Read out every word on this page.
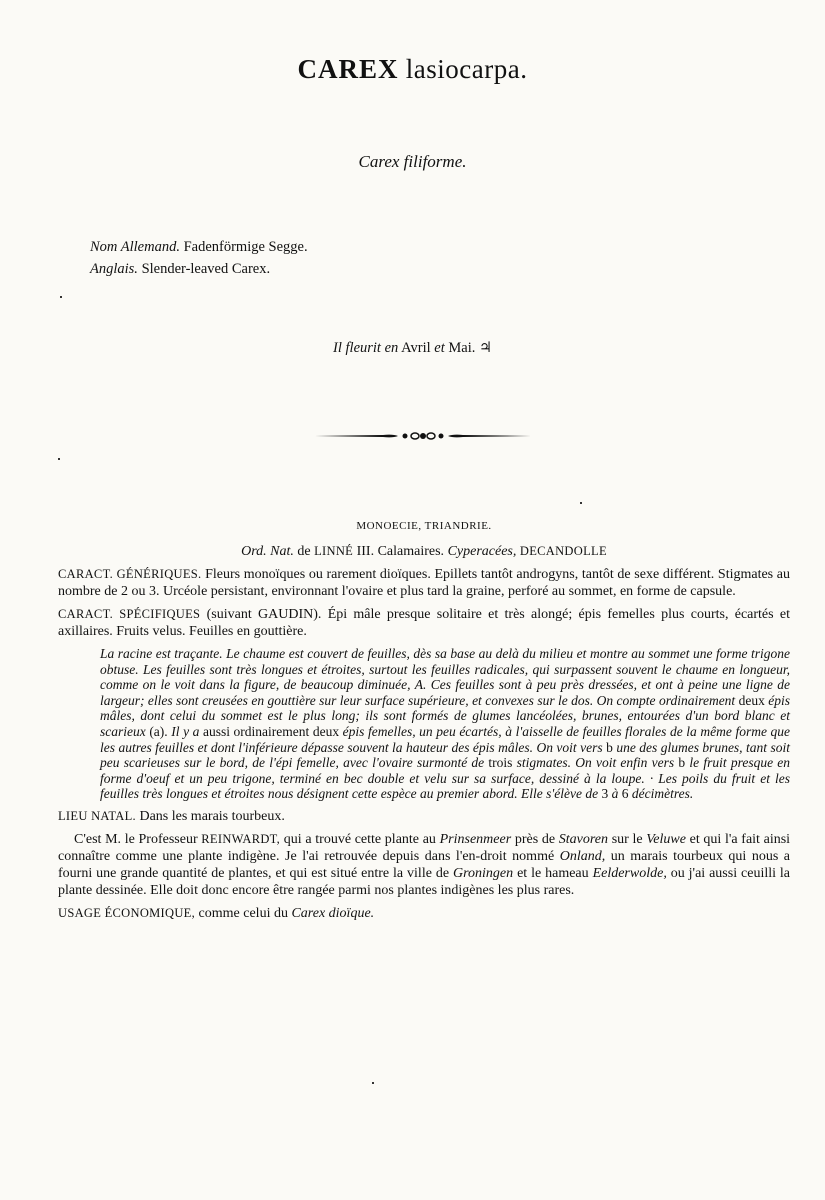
CAREX lasiocarpa.
Carex filiforme.
Nom Allemand. Fadenförmige Segge.
Anglais. Slender-leaved Carex.
Il fleurit en Avril et Mai. ♃
MONOECIE, TRIANDRIE.
Ord. Nat. de LINNÉ III. Calamaires. Cyperacées, DECANDOLLE

CARACT. GÉNÉRIQUES. Fleurs monoïques ou rarement dioïques. Epillets tantôt androgyns, tantôt de sexe différent. Stigmates au nombre de 2 ou 3. Urcéole persistant, environnant l'ovaire et plus tard la graine, perforé au sommet, en forme de capsule.

CARACT. SPÉCIFIQUES (suivant GAUDIN). Épi mâle presque solitaire et très alongé; épis femelles plus courts, écartés et axillaires. Fruits velus. Feuilles en gouttière.

La racine est traçante. Le chaume est couvert de feuilles, dès sa base au delà du milieu et montre au sommet une forme trigone obtuse. Les feuilles sont très longues et étroites, surtout les feuilles radicales, qui surpassent souvent le chaume en longueur, comme on le voit dans la figure, de beaucoup diminuée, A. Ces feuilles sont à peu près dressées, et ont à peine une ligne de largeur; elles sont creusées en gouttière sur leur surface supérieure, et convexes sur le dos. On compte ordinairement deux épis mâles, dont celui du sommet est le plus long; ils sont formés de glumes lancéolées, brunes, entourées d'un bord blanc et scarieux (a). Il y a aussi ordinairement deux épis femelles, un peu écartés, à l'aisselle de feuilles florales de la même forme que les autres feuilles et dont l'inférieure dépasse souvent la hauteur des épis mâles. On voit vers b une des glumes brunes, tant soit peu scarieuses sur le bord, de l'épi femelle, avec l'ovaire surmonté de trois stigmates. On voit enfin vers b le fruit presque en forme d'oeuf et un peu trigone, terminé en bec double et velu sur sa surface, dessiné à la loupe. · Les poils du fruit et les feuilles très longues et étroites nous désignent cette espèce au premier abord. Elle s'élève de 3 à 6 décimètres.

LIEU NATAL. Dans les marais tourbeux.

C'est M. le Professeur REINWARDT, qui a trouvé cette plante au Prinsenmeer près de Stavoren sur le Veluwe et qui l'a fait ainsi connaître comme une plante indigène. Je l'ai retrouvée depuis dans l'en-droit nommé Onland, un marais tourbeux qui nous a fourni une grande quantité de plantes, et qui est situé entre la ville de Groningen et le hameau Eelderwolde, ou j'ai aussi ceuilli la plante dessinée. Elle doit donc encore être rangée parmi nos plantes indigènes les plus rares.

USAGE ÉCONOMIQUE, comme celui du Carex dioïque.
